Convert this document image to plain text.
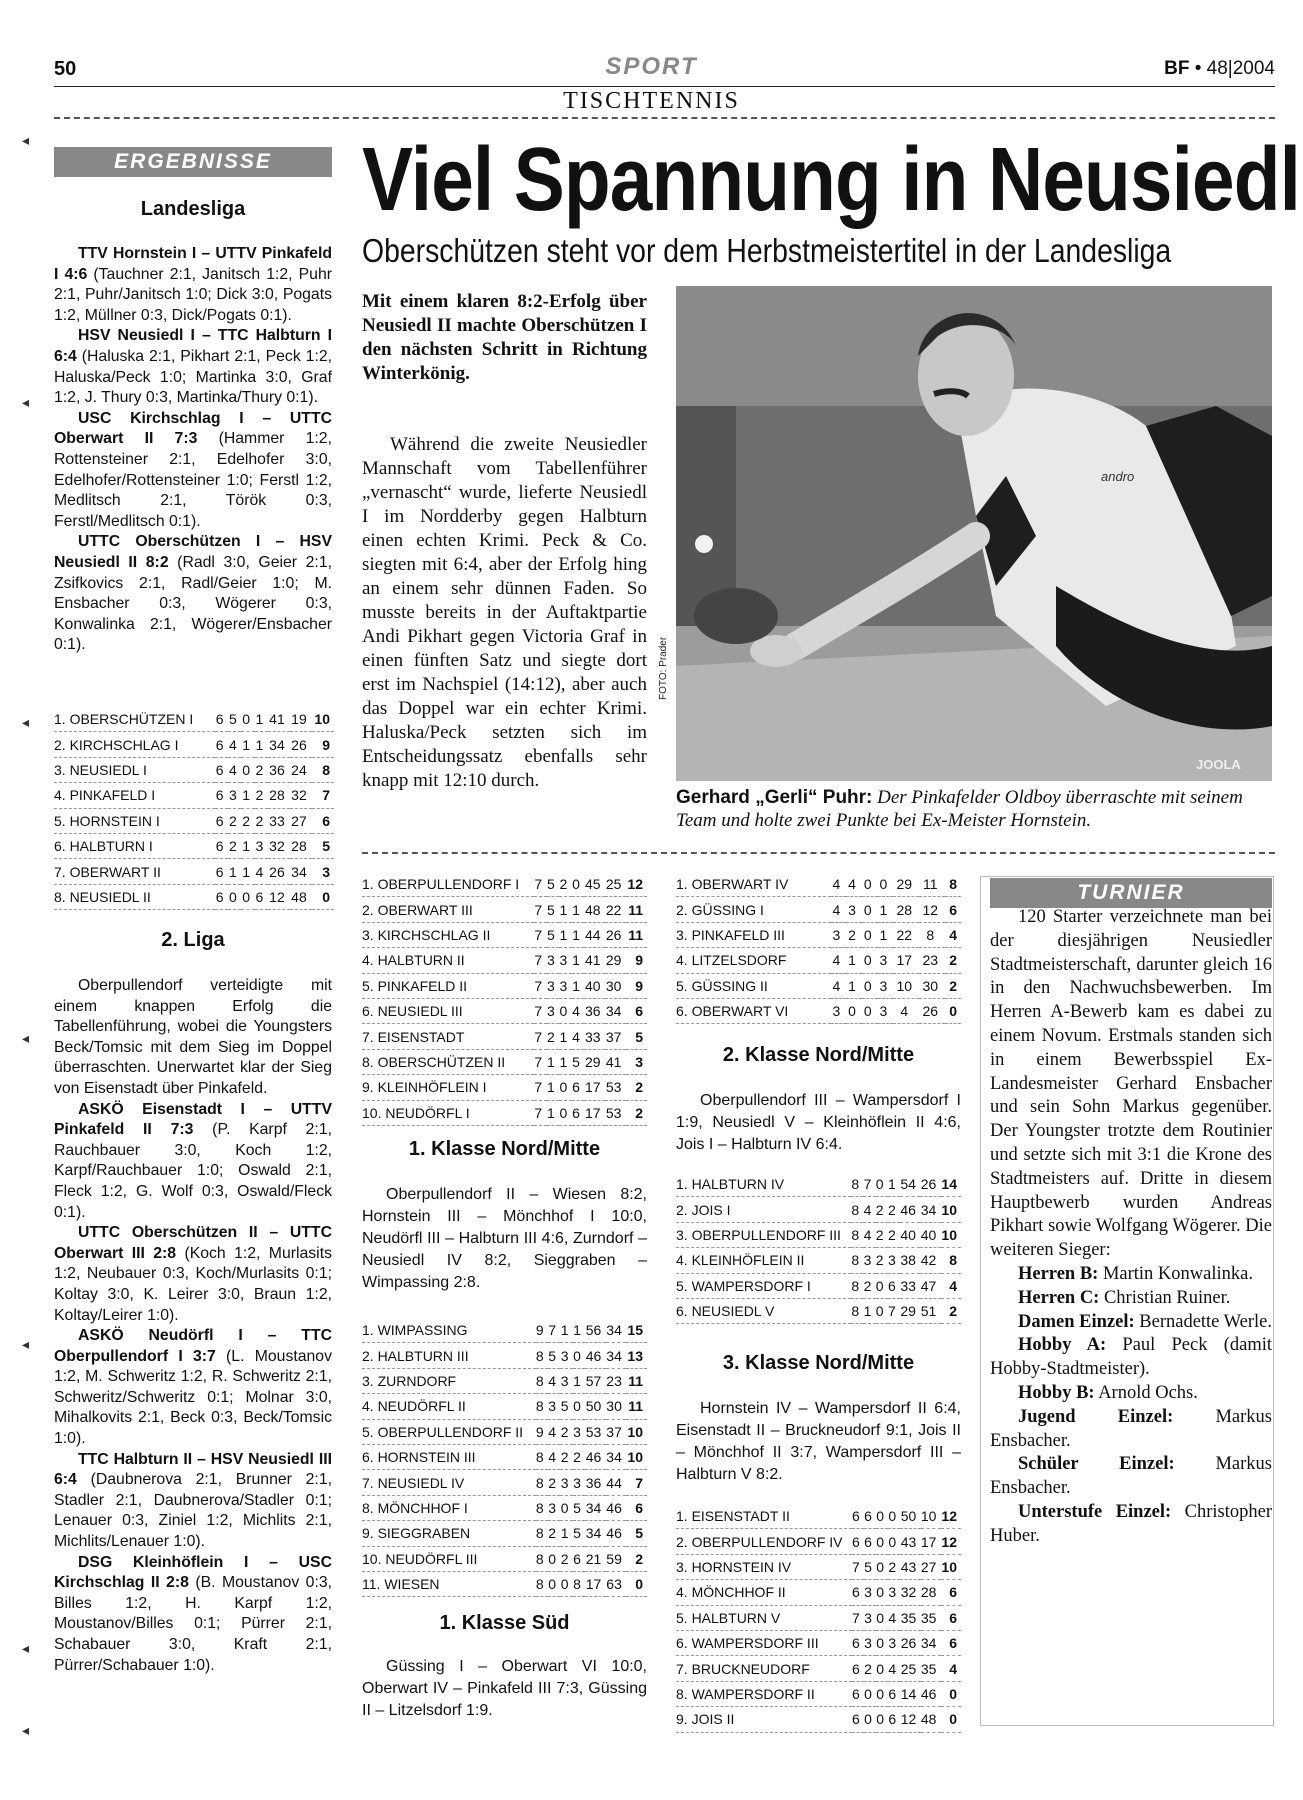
50	SPORT	BF • 48|2004
TISCHTENNIS
ERGEBNISSE
Landesliga

TTV Hornstein I – UTTV Pinkafeld I 4:6 (Tauchner 2:1, Janitsch 1:2, Puhr 2:1, Puhr/Janitsch 1:0; Dick 3:0, Pogats 1:2, Müllner 0:3, Dick/Pogats 0:1).

HSV Neusiedl I – TTC Halbturn I 6:4 (Haluska 2:1, Pikhart 2:1, Peck 1:2, Haluska/Peck 1:0; Martinka 3:0, Graf 1:2, J. Thury 0:3, Martinka/Thury 0:1).

USC Kirchschlag I – UTTC Oberwart II 7:3 (Hammer 1:2, Rottensteiner 2:1, Edelhofer 3:0, Edelhofer/Rottensteiner 1:0; Ferstl 1:2, Medlitsch 2:1, Török 0:3, Ferstl/Medlitsch 0:1).

UTTC Oberschützen I – HSV Neusiedl II 8:2 (Radl 3:0, Geier 2:1, Zsifkovics 2:1, Radl/Geier 1:0; M. Ensbacher 0:3, Wögerer 0:3, Konwalinka 2:1, Wögerer/Ensbacher 0:1).

1. OBERSCHÜTZEN I	6	5	0	1	41	19	10
2. KIRCHSCHLAG I	6	4	1	1	34	26	9
3. NEUSIEDL I	6	4	0	2	36	24	8
4. PINKAFELD I	6	3	1	2	28	32	7
5. HORNSTEIN I	6	2	2	2	33	27	6
6. HALBTURN I	6	2	1	3	32	28	5
7. OBERWART II	6	1	1	4	26	34	3
8. NEUSIEDL II	6	0	0	6	12	48	0
2. Liga

Oberpullendorf verteidigte mit einem knappen Erfolg die Tabellenführung, wobei die Youngsters Beck/Tomsic mit dem Sieg im Doppel überraschten. Unerwartet klar der Sieg von Eisenstadt über Pinkafeld.

ASKÖ Eisenstadt I – UTTV Pinkafeld II 7:3 (P. Karpf 2:1, Rauchbauer 3:0, Koch 1:2, Karpf/Rauchbauer 1:0; Oswald 2:1, Fleck 1:2, G. Wolf 0:3, Oswald/Fleck 0:1).

UTTC Oberschützen II – UTTC Oberwart III 2:8 (Koch 1:2, Murlasits 1:2, Neubauer 0:3, Koch/Murlasits 0:1; Koltay 3:0, K. Leirer 3:0, Braun 1:2, Koltay/Leirer 1:0).

ASKÖ Neudörfl I – TTC Oberpullendorf I 3:7 (L. Moustanov 1:2, M. Schweritz 1:2, R. Schweritz 2:1, Schweritz/Schweritz 0:1; Molnar 3:0, Mihalkovits 2:1, Beck 0:3, Beck/Tomsic 1:0).

TTC Halbturn II – HSV Neusiedl III 6:4 (Daubnerova 2:1, Brunner 2:1, Stadler 2:1, Daubnerova/Stadler 0:1; Lenauer 0:3, Ziniel 1:2, Michlits 2:1, Michlits/Lenauer 1:0).

DSG Kleinhöflein I – USC Kirchschlag II 2:8 (B. Moustanov 0:3, Billes 1:2, H. Karpf 1:2, Moustanov/Billes 0:1; Pürrer 2:1, Schabauer 3:0, Kraft 2:1, Pürrer/Schabauer 1:0).

Viel Spannung in Neusiedl
Oberschützen steht vor dem Herbstmeistertitel in der Landesliga
Mit einem klaren 8:2-Erfolg über Neusiedl II machte Oberschützen I den nächsten Schritt in Richtung Winterkönig.

Während die zweite Neusiedler Mannschaft vom Tabellenführer „vernascht“ wurde, lieferte Neusiedl I im Nordderby gegen Halbturn einen echten Krimi. Peck & Co. siegten mit 6:4, aber der Erfolg hing an einem sehr dünnen Faden. So musste bereits in der Auftaktpartie Andi Pikhart gegen Victoria Graf in einen fünften Satz und siegte dort erst im Nachspiel (14:12), aber auch das Doppel war ein echter Krimi. Haluska/Peck setzten sich im Entscheidungssatz ebenfalls sehr knapp mit 12:10 durch.

andro
JOOLA
FOTO: Prader
Gerhard „Gerli“ Puhr: Der Pinkafelder Oldboy überraschte mit seinem Team und holte zwei Punkte bei Ex-Meister Hornstein.
1. OBERPULLENDORF I	7	5	2	0	45	25	12
2. OBERWART III	7	5	1	1	48	22	11
3. KIRCHSCHLAG II	7	5	1	1	44	26	11
4. HALBTURN II	7	3	3	1	41	29	9
5. PINKAFELD II	7	3	3	1	40	30	9
6. NEUSIEDL III	7	3	0	4	36	34	6
7. EISENSTADT	7	2	1	4	33	37	5
8. OBERSCHÜTZEN II	7	1	1	5	29	41	3
9. KLEINHÖFLEIN I	7	1	0	6	17	53	2
10. NEUDÖRFL I	7	1	0	6	17	53	2
1. Klasse Nord/Mitte

Oberpullendorf II – Wiesen 8:2, Hornstein III – Mönchhof I 10:0, Neudörfl III – Halbturn III 4:6, Zurndorf – Neusiedl IV 8:2, Sieggraben – Wimpassing 2:8.

1. WIMPASSING	9	7	1	1	56	34	15
2. HALBTURN III	8	5	3	0	46	34	13
3. ZURNDORF	8	4	3	1	57	23	11
4. NEUDÖRFL II	8	3	5	0	50	30	11
5. OBERPULLENDORF II	9	4	2	3	53	37	10
6. HORNSTEIN III	8	4	2	2	46	34	10
7. NEUSIEDL IV	8	2	3	3	36	44	7
8. MÖNCHHOF I	8	3	0	5	34	46	6
9. SIEGGRABEN	8	2	1	5	34	46	5
10. NEUDÖRFL III	8	0	2	6	21	59	2
11. WIESEN	8	0	0	8	17	63	0
1. Klasse Süd

Güssing I – Oberwart VI 10:0, Oberwart IV – Pinkafeld III 7:3, Güssing II – Litzelsdorf 1:9.

1. OBERWART IV	4	4	0	0	29	11	8
2. GÜSSING I	4	3	0	1	28	12	6
3. PINKAFELD III	3	2	0	1	22	8	4
4. LITZELSDORF	4	1	0	3	17	23	2
5. GÜSSING II	4	1	0	3	10	30	2
6. OBERWART VI	3	0	0	3	4	26	0
2. Klasse Nord/Mitte

Oberpullendorf III – Wampersdorf I 1:9, Neusiedl V – Kleinhöflein II 4:6, Jois I – Halbturn IV 6:4.

1. HALBTURN IV	8	7	0	1	54	26	14
2. JOIS I	8	4	2	2	46	34	10
3. OBERPULLENDORF III	8	4	2	2	40	40	10
4. KLEINHÖFLEIN II	8	3	2	3	38	42	8
5. WAMPERSDORF I	8	2	0	6	33	47	4
6. NEUSIEDL V	8	1	0	7	29	51	2
3. Klasse Nord/Mitte

Hornstein IV – Wampersdorf II 6:4, Eisenstadt II – Bruckneudorf 9:1, Jois II – Mönchhof II 3:7, Wampersdorf III – Halbturn V 8:2.

1. EISENSTADT II	6	6	0	0	50	10	12
2. OBERPULLENDORF IV	6	6	0	0	43	17	12
3. HORNSTEIN IV	7	5	0	2	43	27	10
4. MÖNCHHOF II	6	3	0	3	32	28	6
5. HALBTURN V	7	3	0	4	35	35	6
6. WAMPERSDORF III	6	3	0	3	26	34	6
7. BRUCKNEUDORF	6	2	0	4	25	35	4
8. WAMPERSDORF II	6	0	0	6	14	46	0
9. JOIS II	6	0	0	6	12	48	0
TURNIER

120 Starter verzeichnete man bei der diesjährigen Neusiedler Stadtmeisterschaft, darunter gleich 16 in den Nachwuchsbewerben. Im Herren A-Bewerb kam es dabei zu einem Novum. Erstmals standen sich in einem Bewerbsspiel Ex-Landesmeister Gerhard Ensbacher und sein Sohn Markus gegenüber. Der Youngster trotzte dem Routinier und setzte sich mit 3:1 die Krone des Stadtmeisters auf. Dritte in diesem Hauptbewerb wurden Andreas Pikhart sowie Wolfgang Wögerer. Die weiteren Sieger:

Herren B: Martin Konwalinka.

Herren C: Christian Ruiner.

Damen Einzel: Bernadette Werle.

Hobby A: Paul Peck (damit Hobby-Stadtmeister).

Hobby B: Arnold Ochs.

Jugend Einzel: Markus Ensbacher.

Schüler Einzel: Markus Ensbacher.

Unterstufe Einzel: Christopher Huber.

◂
◂
◂
◂
◂
◂
◂
